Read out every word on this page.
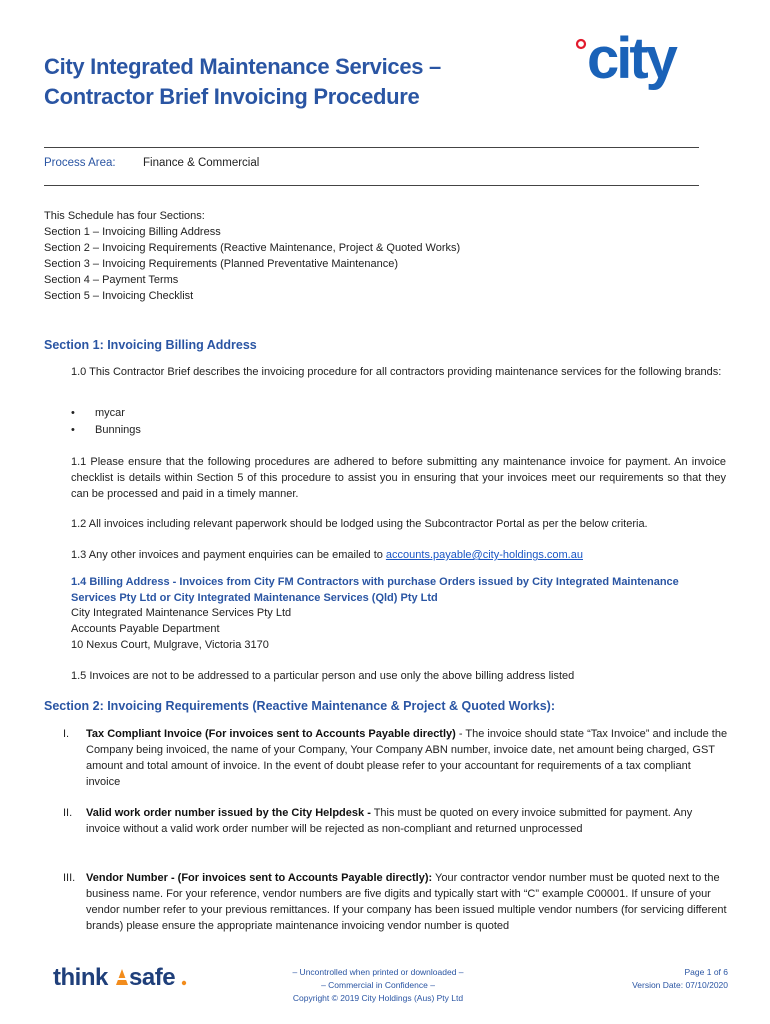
City Integrated Maintenance Services –
Contractor Brief Invoicing Procedure
city
Process Area: Finance & Commercial
This Schedule has four Sections:
Section 1 – Invoicing Billing Address
Section 2 – Invoicing Requirements (Reactive Maintenance, Project & Quoted Works)
Section 3 – Invoicing Requirements (Planned Preventative Maintenance)
Section 4 – Payment Terms
Section 5 – Invoicing Checklist
Section 1: Invoicing Billing Address
1.0 This Contractor Brief describes the invoicing procedure for all contractors providing maintenance services for the following brands:
•	mycar
•	Bunnings
1.1 Please ensure that the following procedures are adhered to before submitting any maintenance invoice for payment. An invoice checklist is details within Section 5 of this procedure to assist you in ensuring that your invoices meet our requirements so that they can be processed and paid in a timely manner.
1.2 All invoices including relevant paperwork should be lodged using the Subcontractor Portal as per the below criteria.
1.3 Any other invoices and payment enquiries can be emailed to accounts.payable@city-holdings.com.au
1.4 Billing Address - Invoices from City FM Contractors with purchase Orders issued by City Integrated Maintenance Services Pty Ltd or City Integrated Maintenance Services (Qld) Pty Ltd
City Integrated Maintenance Services Pty Ltd
Accounts Payable Department
10 Nexus Court, Mulgrave, Victoria 3170
1.5 Invoices are not to be addressed to a particular person and use only the above billing address listed
Section 2: Invoicing Requirements (Reactive Maintenance & Project & Quoted Works):
I.	Tax Compliant Invoice (For invoices sent to Accounts Payable directly) - The invoice should state “Tax Invoice” and include the Company being invoiced, the name of your Company, Your Company ABN number, invoice date, net amount being charged, GST amount and total amount of invoice. In the event of doubt please refer to your accountant for requirements of a tax compliant invoice
II.	Valid work order number issued by the City Helpdesk - This must be quoted on every invoice submitted for payment. Any invoice without a valid work order number will be rejected as non-compliant and returned unprocessed
III. Vendor Number - (For invoices sent to Accounts Payable directly): Your contractor vendor number must be quoted next to the business name. For your reference, vendor numbers are five digits and typically start with “C” example C00001. If unsure of your vendor number refer to your previous remittances. If your company has been issued multiple vendor numbers (for servicing different brands) please ensure the appropriate maintenance invoicing vendor number is quoted
think safe	– Uncontrolled when printed or downloaded –
– Commercial in Confidence –
Copyright © 2019 City Holdings (Aus) Pty Ltd
Page 1 of 6
Version Date: 07/10/2020
